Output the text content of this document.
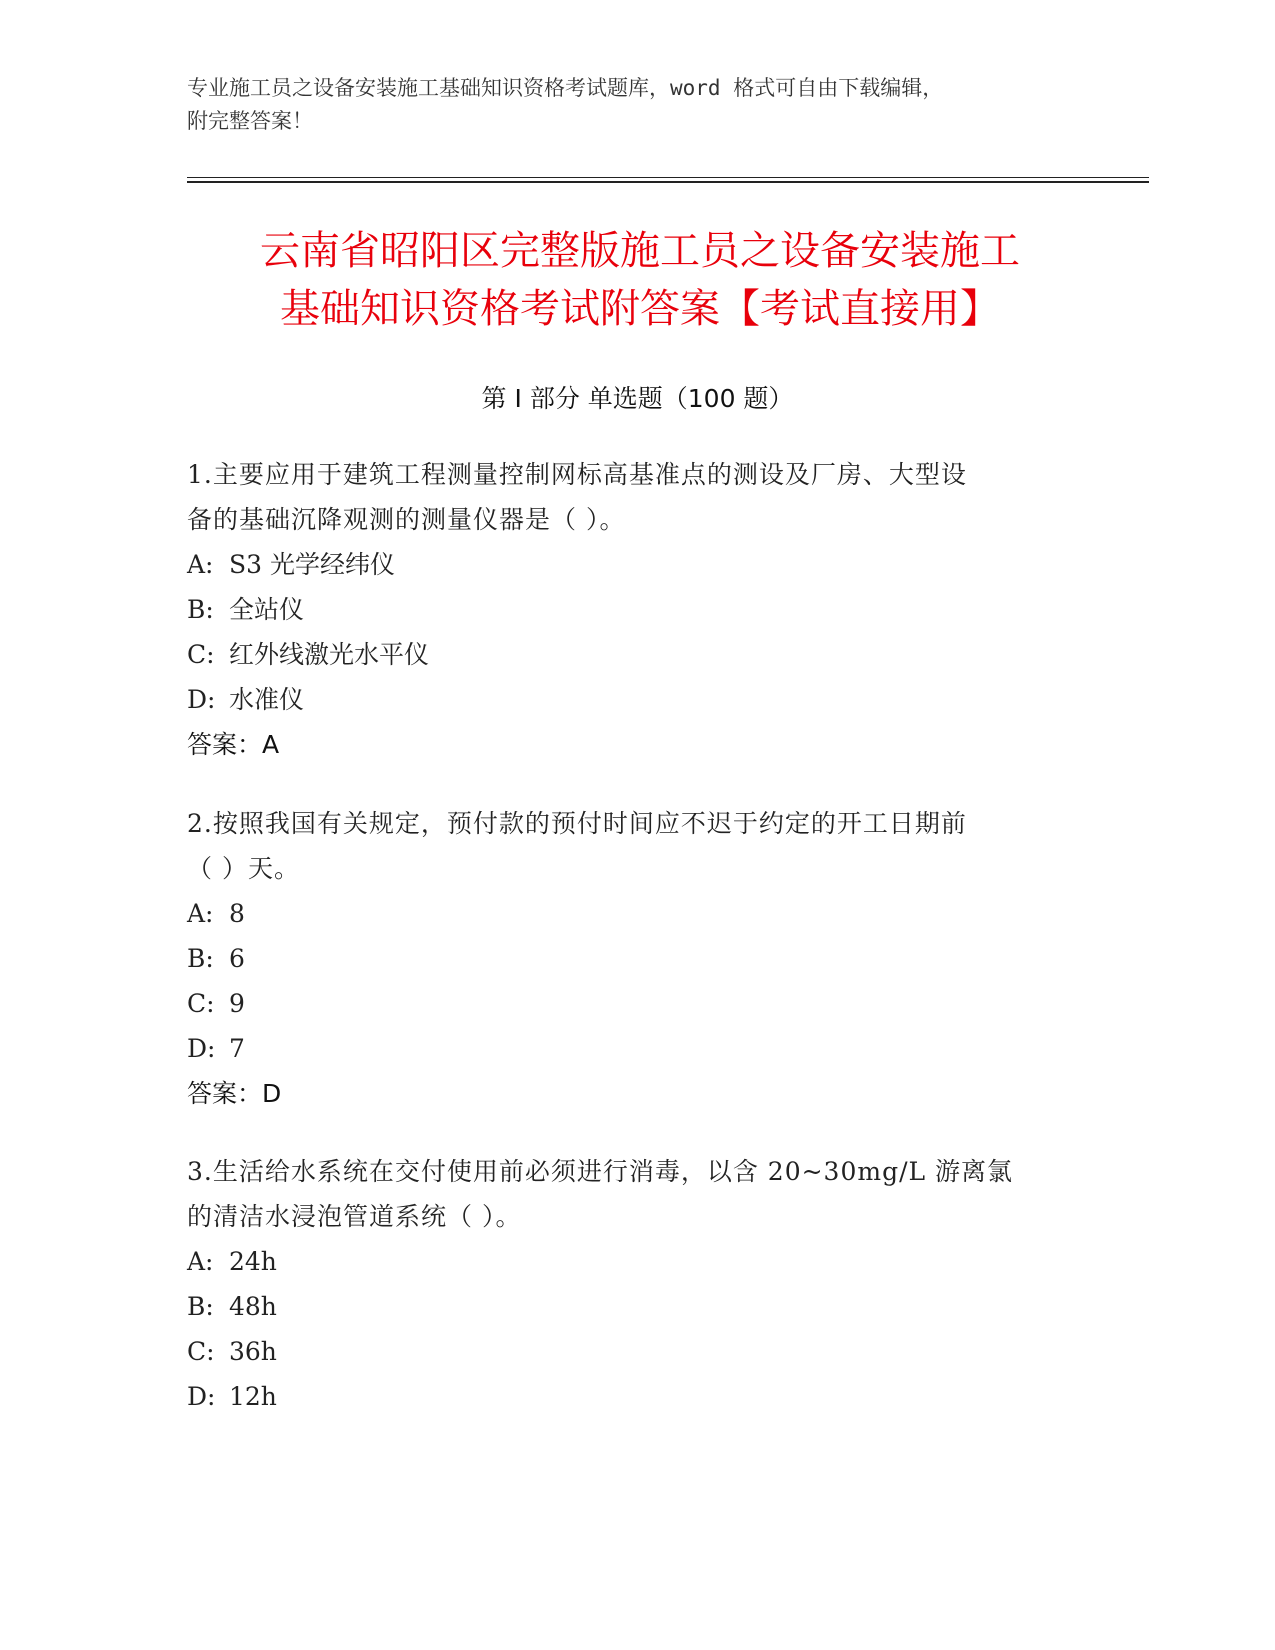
专业施工员之设备安装施工基础知识资格考试题库，word 格式可自由下载编辑，
附完整答案！
云南省昭阳区完整版施工员之设备安装施工
基础知识资格考试附答案【考试直接用】
第 I 部分 单选题（100 题）
1.主要应用于建筑工程测量控制网标高基准点的测设及厂房、大型设
备的基础沉降观测的测量仪器是（ ）。
A: S3 光学经纬仪
B: 全站仪
C: 红外线激光水平仪
D: 水准仪
答案：A
2.按照我国有关规定，预付款的预付时间应不迟于约定的开工日期前
（ ）天。
A: 8
B: 6
C: 9
D: 7
答案：D
3.生活给水系统在交付使用前必须进行消毒，以含 20~30mg/L 游离氯
的清洁水浸泡管道系统（ ）。
A: 24h
B: 48h
C: 36h
D: 12h
